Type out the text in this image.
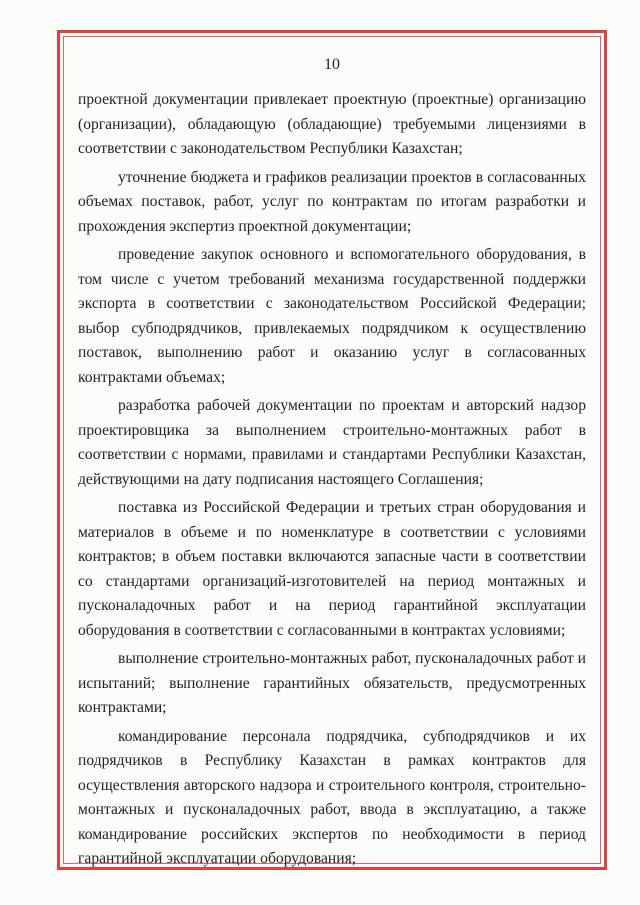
10

проектной документации привлекает проектную (проектные) организацию (организации), обладающую (обладающие) требуемыми лицензиями в соответствии с законодательством Республики Казахстан;

уточнение бюджета и графиков реализации проектов в согласованных объемах поставок, работ, услуг по контрактам по итогам разработки и прохождения экспертиз проектной документации;

проведение закупок основного и вспомогательного оборудования, в том числе с учетом требований механизма государственной поддержки экспорта в соответствии с законодательством Российской Федерации; выбор субподрядчиков, привлекаемых подрядчиком к осуществлению поставок, выполнению работ и оказанию услуг в согласованных контрактами объемах;

разработка рабочей документации по проектам и авторский надзор проектировщика за выполнением строительно-монтажных работ в соответствии с нормами, правилами и стандартами Республики Казахстан, действующими на дату подписания настоящего Соглашения;

поставка из Российской Федерации и третьих стран оборудования и материалов в объеме и по номенклатуре в соответствии с условиями контрактов; в объем поставки включаются запасные части в соответствии со стандартами организаций-изготовителей на период монтажных и пусконаладочных работ и на период гарантийной эксплуатации оборудования в соответствии с согласованными в контрактах условиями;

выполнение строительно-монтажных работ, пусконаладочных работ и испытаний; выполнение гарантийных обязательств, предусмотренных контрактами;

командирование персонала подрядчика, субподрядчиков и их подрядчиков в Республику Казахстан в рамках контрактов для осуществления авторского надзора и строительного контроля, строительно-монтажных и пусконаладочных работ, ввода в эксплуатацию, а также командирование российских экспертов по необходимости в период гарантийной эксплуатации оборудования;
